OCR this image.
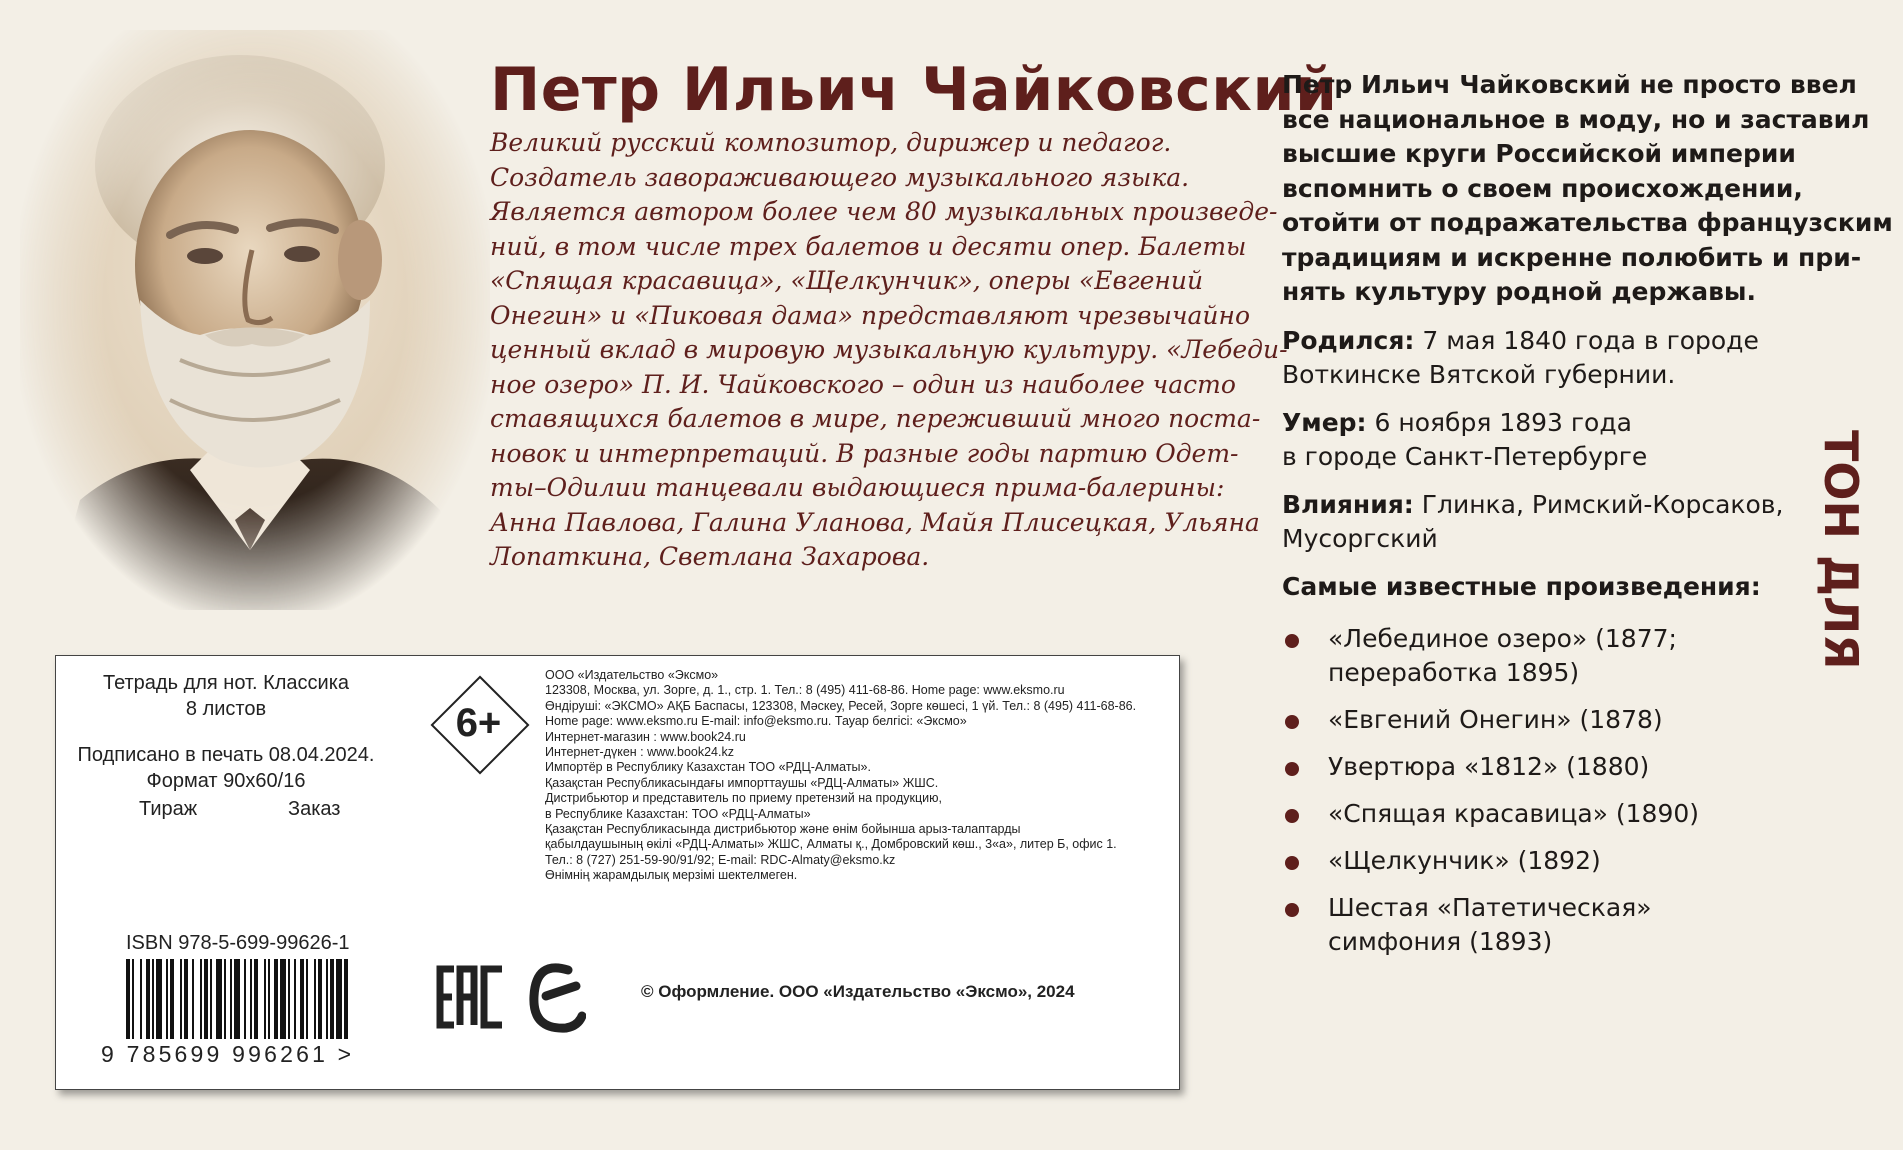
Петр Ильич Чайковский
Великий русский композитор, дирижер и педагог.
Создатель завораживающего музыкального языка.
Является автором более чем 80 музыкальных произведе-
ний, в том числе трех балетов и десяти опер. Балеты
«Спящая красавица», «Щелкунчик», оперы «Евгений
Онегин» и «Пиковая дама» представляют чрезвычайно
ценный вклад в мировую музыкальную культуру. «Лебеди-
ное озеро» П. И. Чайковского – один из наиболее часто
ставящихся балетов в мире, переживший много поста-
новок и интерпретаций. В разные годы партию Одет-
ты–Одилии танцевали выдающиеся прима-балерины:
Анна Павлова, Галина Уланова, Майя Плисецкая, Ульяна
Лопаткина, Светлана Захарова.
Петр Ильич Чайковский не просто ввел
все национальное в моду, но и заставил
высшие круги Российской империи
вспомнить о своем происхождении,
отойти от подражательства французским
традициям и искренне полюбить и при-
нять культуру родной державы.
Родился: 7 мая 1840 года в городе
Воткинске Вятской губернии.
Умер: 6 ноября 1893 года
в городе Санкт-Петербурге
Влияния: Глинка, Римский-Корсаков,
Мусоргский
Самые известные произведения:
«Лебединое озеро» (1877;
переработка 1895)
«Евгений Онегин» (1878)
Увертюра «1812» (1880)
«Спящая красавица» (1890)
«Щелкунчик» (1892)
Шестая «Патетическая»
симфония (1893)
ТОН ДЛЯ
Тетрадь для нот. Классика
8 листов
Подписано в печать 08.04.2024.
Формат 90х60/16
Тираж	Заказ
6+
ООО «Издательство «Эксмо»
123308, Москва, ул. Зорге, д. 1., стр. 1. Тел.: 8 (495) 411-68-86. Home page: www.eksmo.ru
Өндіруші: «ЭКСМО» АҚБ Баспасы, 123308, Мәскеу, Ресей, Зорге көшесі, 1 үй. Тел.: 8 (495) 411-68-86.
Home page: www.eksmo.ru E-mail: info@eksmo.ru. Тауар белгісі: «Эксмо»
Интернет-магазин : www.book24.ru
Интернет-дүкен : www.book24.kz
Импортёр в Республику Казахстан ТОО «РДЦ-Алматы».
Қазақстан Республикасындағы импорттаушы «РДЦ-Алматы» ЖШС.
Дистрибьютор и представитель по приему претензий на продукцию,
в Республике Казахстан: ТОО «РДЦ-Алматы»
Қазақстан Республикасында дистрибьютор және өнім бойынша арыз-талаптарды
қабылдаушының өкілі «РДЦ-Алматы» ЖШС, Алматы қ., Домбровский көш., 3«а», литер Б, офис 1.
Тел.: 8 (727) 251-59-90/91/92; E-mail: RDC-Almaty@eksmo.kz
Өнімнің жарамдылық мерзімі шектелмеген.
ISBN 978-5-699-99626-1
9 785699 996261 >
© Оформление. ООО «Издательство «Эксмо», 2024
